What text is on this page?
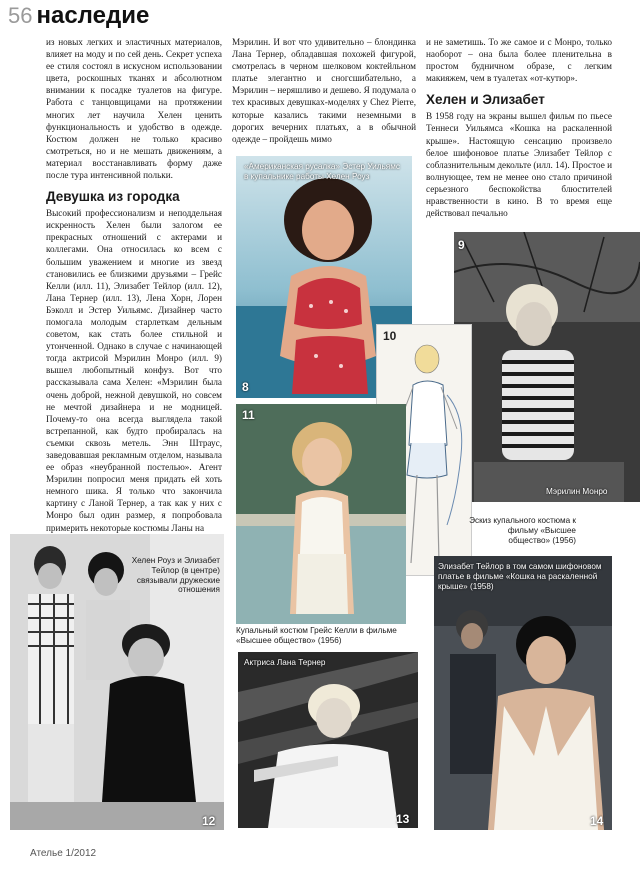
56 наследие

из новых легких и эластичных материалов, влияет на моду и по сей день. Секрет успеха ее стиля состоял в искусном использовании цвета, роскошных тканях и абсолютном внимании к посадке туалетов на фигуре. Работа с танцовщицами на протяжении многих лет научила Хелен ценить функциональность и удобство в одежде. Костюм должен не только красиво смотреться, но и не мешать движениям, а материал восстанавливать форму даже после тура интенсивной польки.

Девушка из городка

Высокий профессионализм и неподдельная искренность Хелен были залогом ее прекрасных отношений с актерами и коллегами. Она относилась ко всем с большим уважением и многие из звезд становились ее близкими друзьями – Грейс Келли (илл. 11), Элизабет Тейлор (илл. 12), Лана Тернер (илл. 13), Лена Хорн, Лорен Бэколл и Эстер Уильямс. Дизайнер часто помогала молодым старлеткам дельным советом, как стать более стильной и утонченной. Однако в случае с начинающей тогда актрисой Мэрилин Монро (илл. 9) вышел любопытный конфуз. Вот что рассказывала сама Хелен: «Мэрилин была очень доброй, нежной девушкой, но совсем не мечтой дизайнера и не модницей. Почему-то она всегда выглядела такой встрепанной, как будто пробиралась на съемки сквозь метель. Энн Штраус, заведовавшая рекламным отделом, называла ее образ «неубранной постелью». Агент Мэрилин попросил меня придать ей хоть немного шика. Я только что закончила картину с Ланой Тернер, а так как у них с Монро был один размер, я попробовала примерить некоторые костюмы Ланы на

Мэрилин. И вот что удивительно – блондинка Лана Тернер, обладавшая похожей фигурой, смотрелась в черном шелковом коктейльном платье элегантно и сногсшибательно, а Мэрилин – неряшливо и дешево. Я подумала о тех красивых девушках-моделях у Chez Pierre, которые казались такими неземными в дорогих вечерних платьях, а в обычной одежде – пройдешь мимо

и не заметишь. То же самое и с Монро, только наоборот – она была более пленительна в простом будничном образе, с легким макияжем, чем в туалетах «от-кутюр».

Хелен и Элизабет

В 1958 году на экраны вышел фильм по пьесе Теннеси Уильямса «Кошка на раскаленной крыше». Настоящую сенсацию произвело белое шифоновое платье Элизабет Тейлор с соблазнительным декольте (илл. 14). Простое и волнующее, тем не менее оно стало причиной серьезного беспокойства блюстителей нравственности в кино. В то время еще действовал печально

«Американская русалка» Эстер Уильямс в купальнике работы Хелен Роуз
8
9
Мэрилин Монро
10
Эскиз купального костюма к фильму «Высшее общество» (1956)
11
Купальный костюм Грейс Келли в фильме «Высшее общество» (1956)
Хелен Роуз и Элизабет Тейлор (в центре) связывали дружеские отношения
12
Актриса Лана Тернер
13
Элизабет Тейлор в том самом шифоновом платье в фильме «Кошка на раскаленной крыше» (1958)
14
Ателье 1/2012
